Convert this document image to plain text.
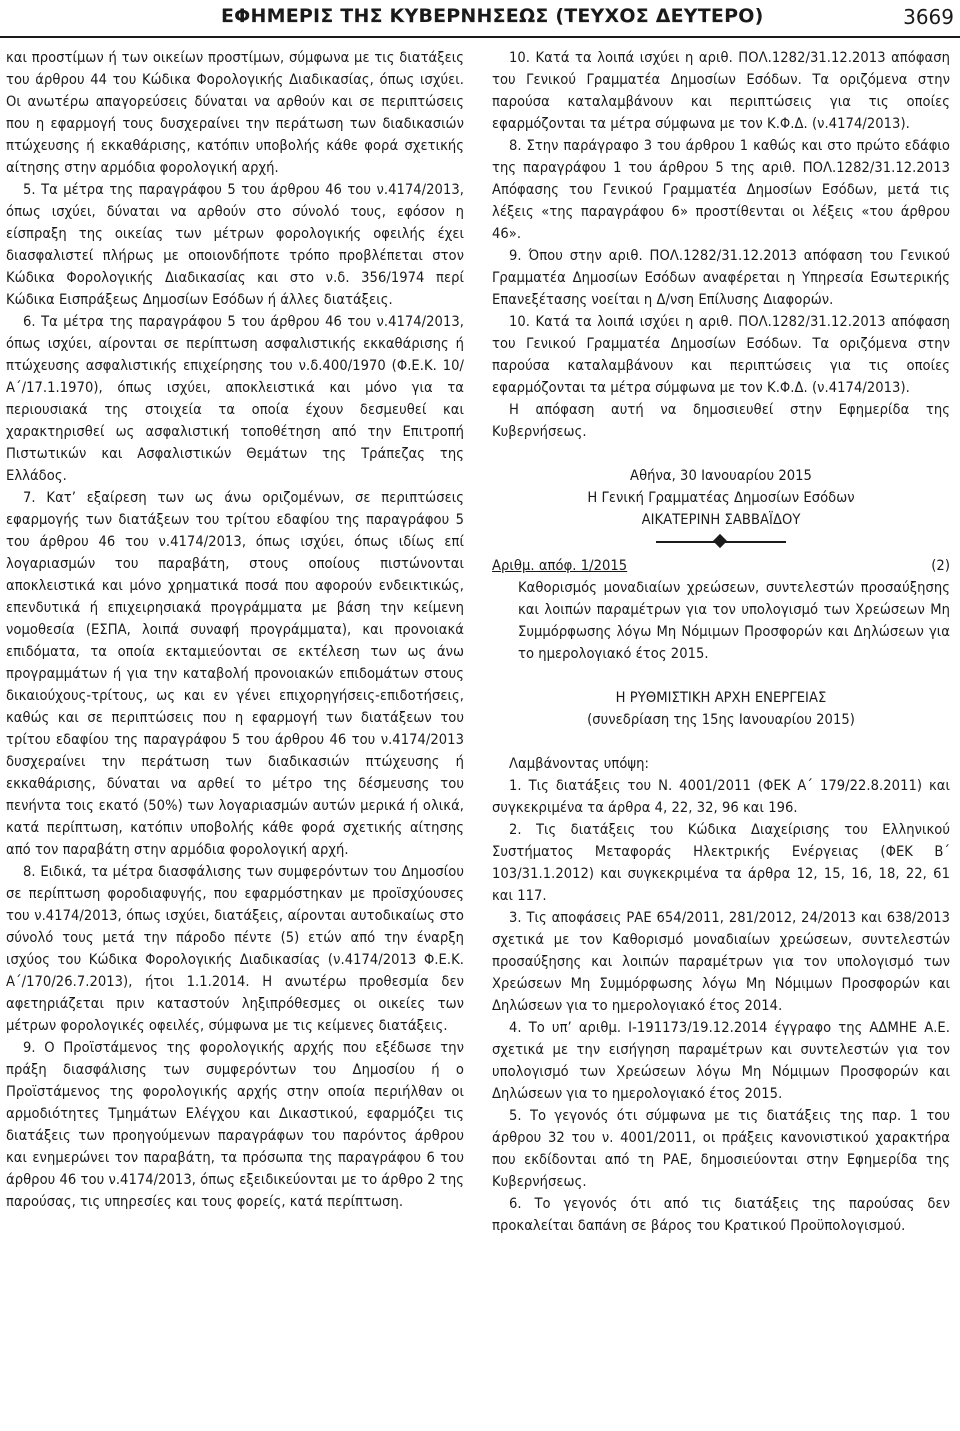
ΕΦΗΜΕΡΙΣ ΤΗΣ ΚΥΒΕΡΝΗΣΕΩΣ (ΤΕΥΧΟΣ ΔΕΥΤΕΡΟ)	3669

και προστίμων ή των οικείων προστίμων, σύμφωνα με τις διατάξεις του άρθρου 44 του Κώδικα Φορολογικής Διαδικασίας, όπως ισχύει. Οι ανωτέρω απαγορεύσεις δύναται να αρθούν και σε περιπτώσεις που η εφαρμογή τους δυσχεραίνει την περάτωση των διαδικασιών πτώχευσης ή εκκαθάρισης, κατόπιν υποβολής κάθε φορά σχετικής αίτησης στην αρμόδια φορολογική αρχή.

5. Τα μέτρα της παραγράφου 5 του άρθρου 46 του ν.4174/2013, όπως ισχύει, δύναται να αρθούν στο σύνολό τους, εφόσον η είσπραξη της οικείας των μέτρων φορολογικής οφειλής έχει διασφαλιστεί πλήρως με οποιονδήποτε τρόπο προβλέπεται στον Κώδικα Φορολογικής Διαδικασίας και στο ν.δ. 356/1974 περί Κώδικα Εισπράξεως Δημοσίων Εσόδων ή άλλες διατάξεις.

6. Τα μέτρα της παραγράφου 5 του άρθρου 46 του ν.4174/2013, όπως ισχύει, αίρονται σε περίπτωση ασφαλιστικής εκκαθάρισης ή πτώχευσης ασφαλιστικής επιχείρησης του ν.δ.400/1970 (Φ.Ε.Κ. 10/Α΄/17.1.1970), όπως ισχύει, αποκλειστικά και μόνο για τα περιουσιακά της στοιχεία τα οποία έχουν δεσμευθεί και χαρακτηρισθεί ως ασφαλιστική τοποθέτηση από την Επιτροπή Πιστωτικών και Ασφαλιστικών Θεμάτων της Τράπεζας της Ελλάδος.

7. Κατ’ εξαίρεση των ως άνω οριζομένων, σε περιπτώσεις εφαρμογής των διατάξεων του τρίτου εδαφίου της παραγράφου 5 του άρθρου 46 του ν.4174/2013, όπως ισχύει, όπως ιδίως επί λογαριασμών του παραβάτη, στους οποίους πιστώνονται αποκλειστικά και μόνο χρηματικά ποσά που αφορούν ενδεικτικώς, επενδυτικά ή επιχειρησιακά προγράμματα με βάση την κείμενη νομοθεσία (ΕΣΠΑ, λοιπά συναφή προγράμματα), και προνοιακά επιδόματα, τα οποία εκταμιεύονται σε εκτέλεση των ως άνω προγραμμάτων ή για την καταβολή προνοιακών επιδομάτων στους δικαιούχους-τρίτους, ως και εν γένει επιχορηγήσεις-επιδοτήσεις, καθώς και σε περιπτώσεις που η εφαρμογή των διατάξεων του τρίτου εδαφίου της παραγράφου 5 του άρθρου 46 του ν.4174/2013 δυσχεραίνει την περάτωση των διαδικασιών πτώχευσης ή εκκαθάρισης, δύναται να αρθεί το μέτρο της δέσμευσης του πενήντα τοις εκατό (50%) των λογαριασμών αυτών μερικά ή ολικά, κατά περίπτωση, κατόπιν υποβολής κάθε φορά σχετικής αίτησης από τον παραβάτη στην αρμόδια φορολογική αρχή.

8. Ειδικά, τα μέτρα διασφάλισης των συμφερόντων του Δημοσίου σε περίπτωση φοροδιαφυγής, που εφαρμόστηκαν με προϊσχύουσες του ν.4174/2013, όπως ισχύει, διατάξεις, αίρονται αυτοδικαίως στο σύνολό τους μετά την πάροδο πέντε (5) ετών από την έναρξη ισχύος του Κώδικα Φορολογικής Διαδικασίας (ν.4174/2013 Φ.Ε.Κ. Α΄/170/26.7.2013), ήτοι 1.1.2014. Η ανωτέρω προθεσμία δεν αφετηριάζεται πριν καταστούν ληξιπρόθεσμες οι οικείες των μέτρων φορολογικές οφειλές, σύμφωνα με τις κείμενες διατάξεις.

9. Ο Προϊστάμενος της φορολογικής αρχής που εξέδωσε την πράξη διασφάλισης των συμφερόντων του Δημοσίου ή ο Προϊστάμενος της φορολογικής αρχής στην οποία περιήλθαν οι αρμοδιότητες Τμημάτων Ελέγχου και Δικαστικού, εφαρμόζει τις διατάξεις των προηγούμενων παραγράφων του παρόντος άρθρου και ενημερώνει τον παραβάτη, τα πρόσωπα της παραγράφου 6 του άρθρου 46 του ν.4174/2013, όπως εξειδικεύονται με το άρθρο 2 της παρούσας, τις υπηρεσίες και τους φορείς, κατά περίπτωση.

10. Κατά τα λοιπά ισχύει η αριθ. ΠΟΛ.1282/31.12.2013 απόφαση του Γενικού Γραμματέα Δημοσίων Εσόδων. Τα οριζόμενα στην παρούσα καταλαμβάνουν και περιπτώσεις για τις οποίες εφαρμόζονται τα μέτρα σύμφωνα με τον Κ.Φ.Δ. (ν.4174/2013).

8. Στην παράγραφο 3 του άρθρου 1 καθώς και στο πρώτο εδάφιο της παραγράφου 1 του άρθρου 5 της αριθ. ΠΟΛ.1282/31.12.2013 Απόφασης του Γενικού Γραμματέα Δημοσίων Εσόδων, μετά τις λέξεις «της παραγράφου 6» προστίθενται οι λέξεις «του άρθρου 46».

9. Όπου στην αριθ. ΠΟΛ.1282/31.12.2013 απόφαση του Γενικού Γραμματέα Δημοσίων Εσόδων αναφέρεται η Υπηρεσία Εσωτερικής Επανεξέτασης νοείται η Δ/νση Επίλυσης Διαφορών.

10. Κατά τα λοιπά ισχύει η αριθ. ΠΟΛ.1282/31.12.2013 απόφαση του Γενικού Γραμματέα Δημοσίων Εσόδων. Τα οριζόμενα στην παρούσα καταλαμβάνουν και περιπτώσεις για τις οποίες εφαρμόζονται τα μέτρα σύμφωνα με τον Κ.Φ.Δ. (ν.4174/2013).

Η απόφαση αυτή να δημοσιευθεί στην Εφημερίδα της Κυβερνήσεως.

Αθήνα, 30 Ιανουαρίου 2015

Η Γενική Γραμματέας Δημοσίων Εσόδων

ΑΙΚΑΤΕΡΙΝΗ ΣΑΒΒΑΪΔΟΥ

Αριθμ. απόφ. 1/2015	(2)

Καθορισμός μοναδιαίων χρεώσεων, συντελεστών προσαύξησης και λοιπών παραμέτρων για τον υπολογισμό των Χρεώσεων Μη Συμμόρφωσης λόγω Μη Νόμιμων Προσφορών και Δηλώσεων για το ημερολογιακό έτος 2015.

Η ΡΥΘΜΙΣΤΙΚΗ ΑΡΧΗ ΕΝΕΡΓΕΙΑΣ

(συνεδρίαση της 15ης Ιανουαρίου 2015)

Λαμβάνοντας υπόψη:

1. Τις διατάξεις του Ν. 4001/2011 (ΦΕΚ Α΄ 179/22.8.2011) και συγκεκριμένα τα άρθρα 4, 22, 32, 96 και 196.

2. Τις διατάξεις του Κώδικα Διαχείρισης του Ελληνικού Συστήματος Μεταφοράς Ηλεκτρικής Ενέργειας (ΦΕΚ Β΄ 103/31.1.2012) και συγκεκριμένα τα άρθρα 12, 15, 16, 18, 22, 61 και 117.

3. Τις αποφάσεις ΡΑΕ 654/2011, 281/2012, 24/2013 και 638/2013 σχετικά με τον Καθορισμό μοναδιαίων χρεώσεων, συντελεστών προσαύξησης και λοιπών παραμέτρων για τον υπολογισμό των Χρεώσεων Μη Συμμόρφωσης λόγω Μη Νόμιμων Προσφορών και Δηλώσεων για το ημερολογιακό έτος 2014.

4. Το υπ’ αριθμ. Ι-191173/19.12.2014 έγγραφο της ΑΔΜΗΕ Α.Ε. σχετικά με την εισήγηση παραμέτρων και συντελεστών για τον υπολογισμό των Χρεώσεων λόγω Μη Νόμιμων Προσφορών και Δηλώσεων για το ημερολογιακό έτος 2015.

5. Το γεγονός ότι σύμφωνα με τις διατάξεις της παρ. 1 του άρθρου 32 του ν. 4001/2011, οι πράξεις κανονιστικού χαρακτήρα που εκδίδονται από τη ΡΑΕ, δημοσιεύονται στην Εφημερίδα της Κυβερνήσεως.

6. Το γεγονός ότι από τις διατάξεις της παρούσας δεν προκαλείται δαπάνη σε βάρος του Κρατικού Προϋπολογισμού.
